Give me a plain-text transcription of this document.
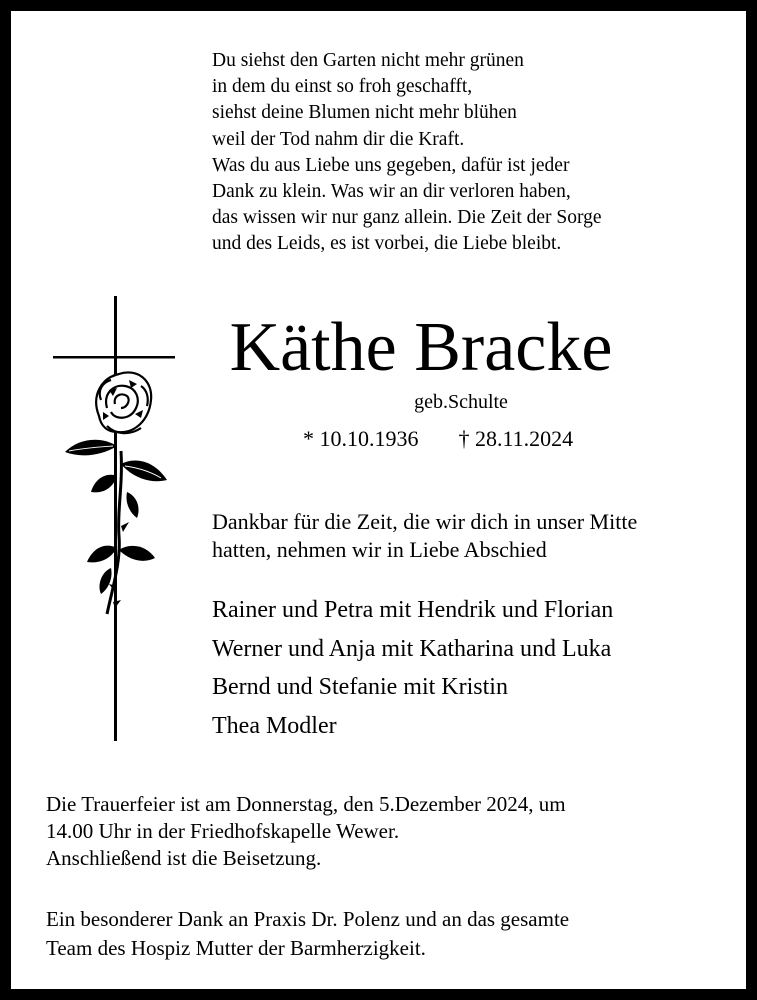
Du siehst den Garten nicht mehr grünen
in dem du einst so froh geschafft,
siehst deine Blumen nicht mehr blühen
weil der Tod nahm dir die Kraft.
Was du aus Liebe uns gegeben, dafür ist jeder
Dank zu klein. Was wir an dir verloren haben,
das wissen wir nur ganz allein. Die Zeit der Sorge
und des Leids, es ist vorbei, die Liebe bleibt.
Käthe Bracke
geb.Schulte
* 10.10.1936 † 28.11.2024
Dankbar für die Zeit, die wir dich in unser Mitte
hatten, nehmen wir in Liebe Abschied
Rainer und Petra mit Hendrik und Florian
Werner und Anja mit Katharina und Luka
Bernd und Stefanie mit Kristin
Thea Modler
Die Trauerfeier ist am Donnerstag, den 5.Dezember 2024, um
14.00 Uhr in der Friedhofskapelle Wewer.
Anschließend ist die Beisetzung.
Ein besonderer Dank an Praxis Dr. Polenz und an das gesamte
Team des Hospiz Mutter der Barmherzigkeit.
